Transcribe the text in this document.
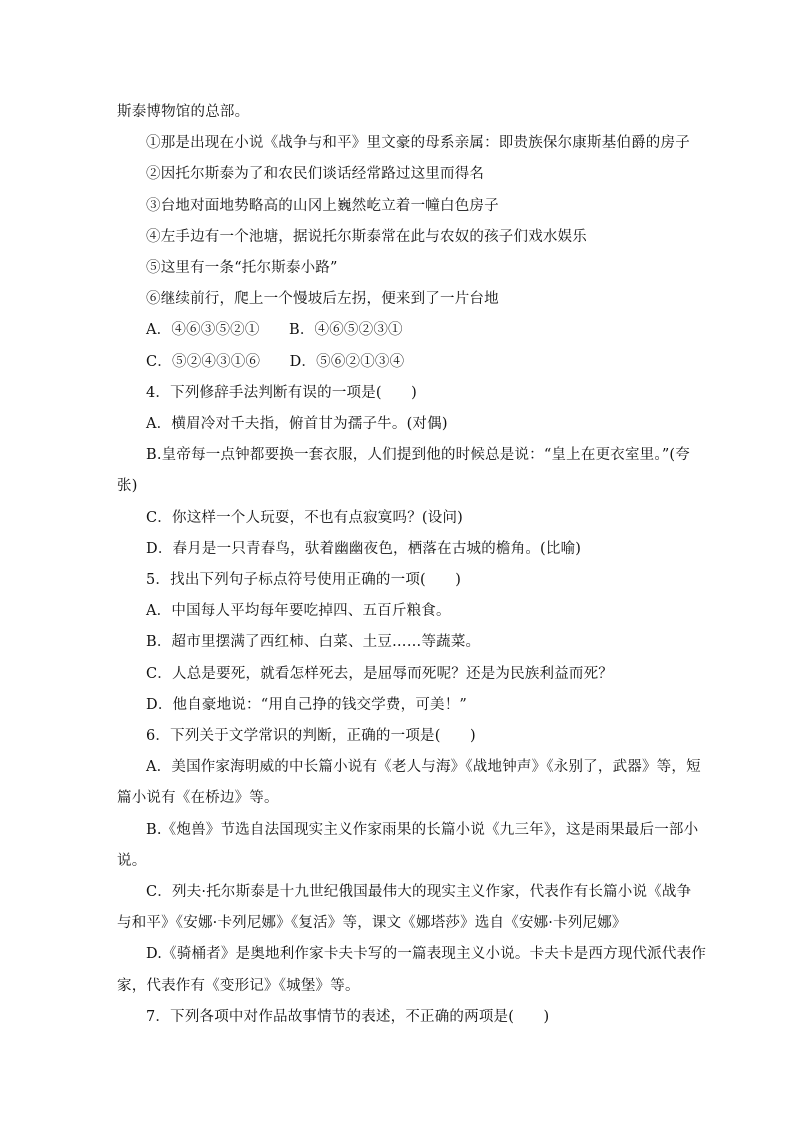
斯泰博物馆的总部。
①那是出现在小说《战争与和平》里文豪的母系亲属：即贵族保尔康斯基伯爵的房子
②因托尔斯泰为了和农民们谈话经常路过这里而得名
③台地对面地势略高的山冈上巍然屹立着一幢白色房子
④左手边有一个池塘，据说托尔斯泰常在此与农奴的孩子们戏水娱乐
⑤这里有一条“托尔斯泰小路”
⑥继续前行，爬上一个慢坡后左拐，便来到了一片台地
A．④⑥③⑤②①　　B．④⑥⑤②③①
C．⑤②④③①⑥　　D．⑤⑥②①③④
4．下列修辞手法判断有误的一项是(　　)
A．横眉冷对千夫指，俯首甘为孺子牛。(对偶)
B.皇帝每一点钟都要换一套衣服，人们提到他的时候总是说：“皇上在更衣室里。”(夸
张)
C．你这样一个人玩耍，不也有点寂寞吗？(设问)
D．春月是一只青春鸟，驮着幽幽夜色，栖落在古城的檐角。(比喻)
5．找出下列句子标点符号使用正确的一项(　　)
A．中国每人平均每年要吃掉四、五百斤粮食。
B．超市里摆满了西红柿、白菜、土豆……等蔬菜。
C．人总是要死，就看怎样死去，是屈辱而死呢？还是为民族利益而死？
D．他自豪地说：“用自己挣的钱交学费，可美！”
6．下列关于文学常识的判断，正确的一项是(　　)
A．美国作家海明威的中长篇小说有《老人与海》《战地钟声》《永别了，武器》等，短
篇小说有《在桥边》等。
B.《炮兽》节选自法国现实主义作家雨果的长篇小说《九三年》，这是雨果最后一部小
说。
C．列夫·托尔斯泰是十九世纪俄国最伟大的现实主义作家，代表作有长篇小说《战争
与和平》《安娜·卡列尼娜》《复活》等，课文《娜塔莎》选自《安娜·卡列尼娜》
D.《骑桶者》是奥地利作家卡夫卡写的一篇表现主义小说。卡夫卡是西方现代派代表作
家，代表作有《变形记》《城堡》等。
7．下列各项中对作品故事情节的表述，不正确的两项是(　　)
